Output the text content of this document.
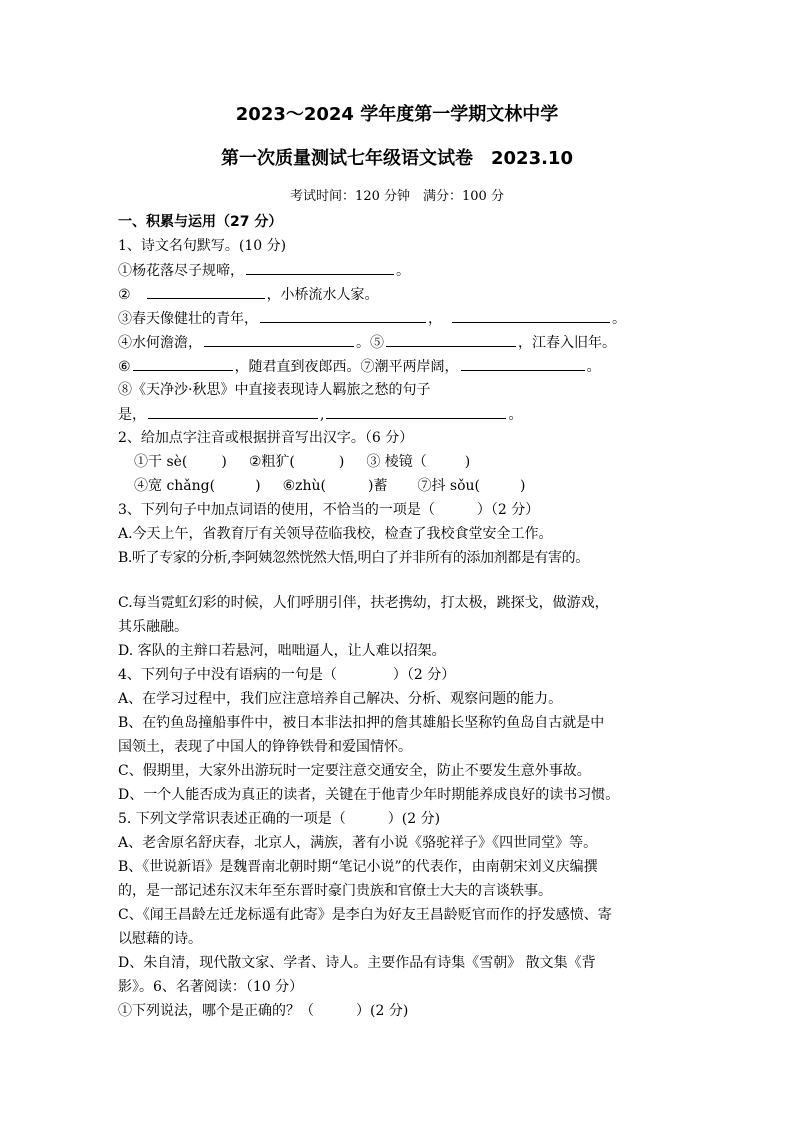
2023～2024 学年度第一学期文林中学
第一次质量测试七年级语文试卷　2023.10
考试时间：120 分钟　满分：100 分
一、积累与运用（27 分）
1、诗文名句默写。(10 分)
①杨花落尽子规啼，	。
②	，小桥流水人家。
③春天像健壮的青年，	，	。
④水何澹澹，	。⑤	，江春入旧年。
⑥	，随君直到夜郎西。⑦潮平两岸阔，	。
⑧《天净沙·秋思》中直接表现诗人羁旅之愁的句子
是，	,	。
2、给加点字注音或根据拼音写出汉字。（6 分）
①干 sè( ) ②粗犷(	) ③ 棱镜（	)
④宽 chǎng(	) ⑥zhù(	)蓄 ⑦抖 sǒu(	)
3、下列句子中加点词语的使用，不恰当的一项是（　　　）（2 分）
A.今天上午，省教育厅有关领导莅临我校，检查了我校食堂安全工作。
B.听了专家的分析,李阿姨忽然恍然大悟,明白了并非所有的添加剂都是有害的。
C.每当霓虹幻彩的时候，人们呼朋引伴，扶老携幼，打太极，跳探戈，做游戏，
其乐融融。
D. 客队的主辩口若悬河，咄咄逼人，让人难以招架。
4、下列句子中没有语病的一句是（　　　　）（2 分）
A、在学习过程中，我们应注意培养自己解决、分析、观察问题的能力。
B、在钓鱼岛撞船事件中，被日本非法扣押的詹其雄船长坚称钓鱼岛自古就是中
国领土，表现了中国人的铮铮铁骨和爱国情怀。
C、假期里，大家外出游玩时一定要注意交通安全，防止不要发生意外事故。
D、一个人能否成为真正的读者，关键在于他青少年时期能养成良好的读书习惯。
5. 下列文学常识表述正确的一项是（　　　）(2 分)
A、老舍原名舒庆春，北京人，满族，著有小说《骆驼祥子》《四世同堂》等。
B、《世说新语》是魏晋南北朝时期“笔记小说”的代表作，由南朝宋刘义庆编撰
的，是一部记述东汉末年至东晋时豪门贵族和官僚士大夫的言谈轶事。
C、《闻王昌龄左迁龙标遥有此寄》是李白为好友王昌龄贬官而作的抒发感愤、寄
以慰藉的诗。
D、朱自清，现代散文家、学者、诗人。主要作品有诗集《雪朝》 散文集《背
影》。6、名著阅读：（10 分）
①下列说法，哪个是正确的？（　　　）(2 分)
